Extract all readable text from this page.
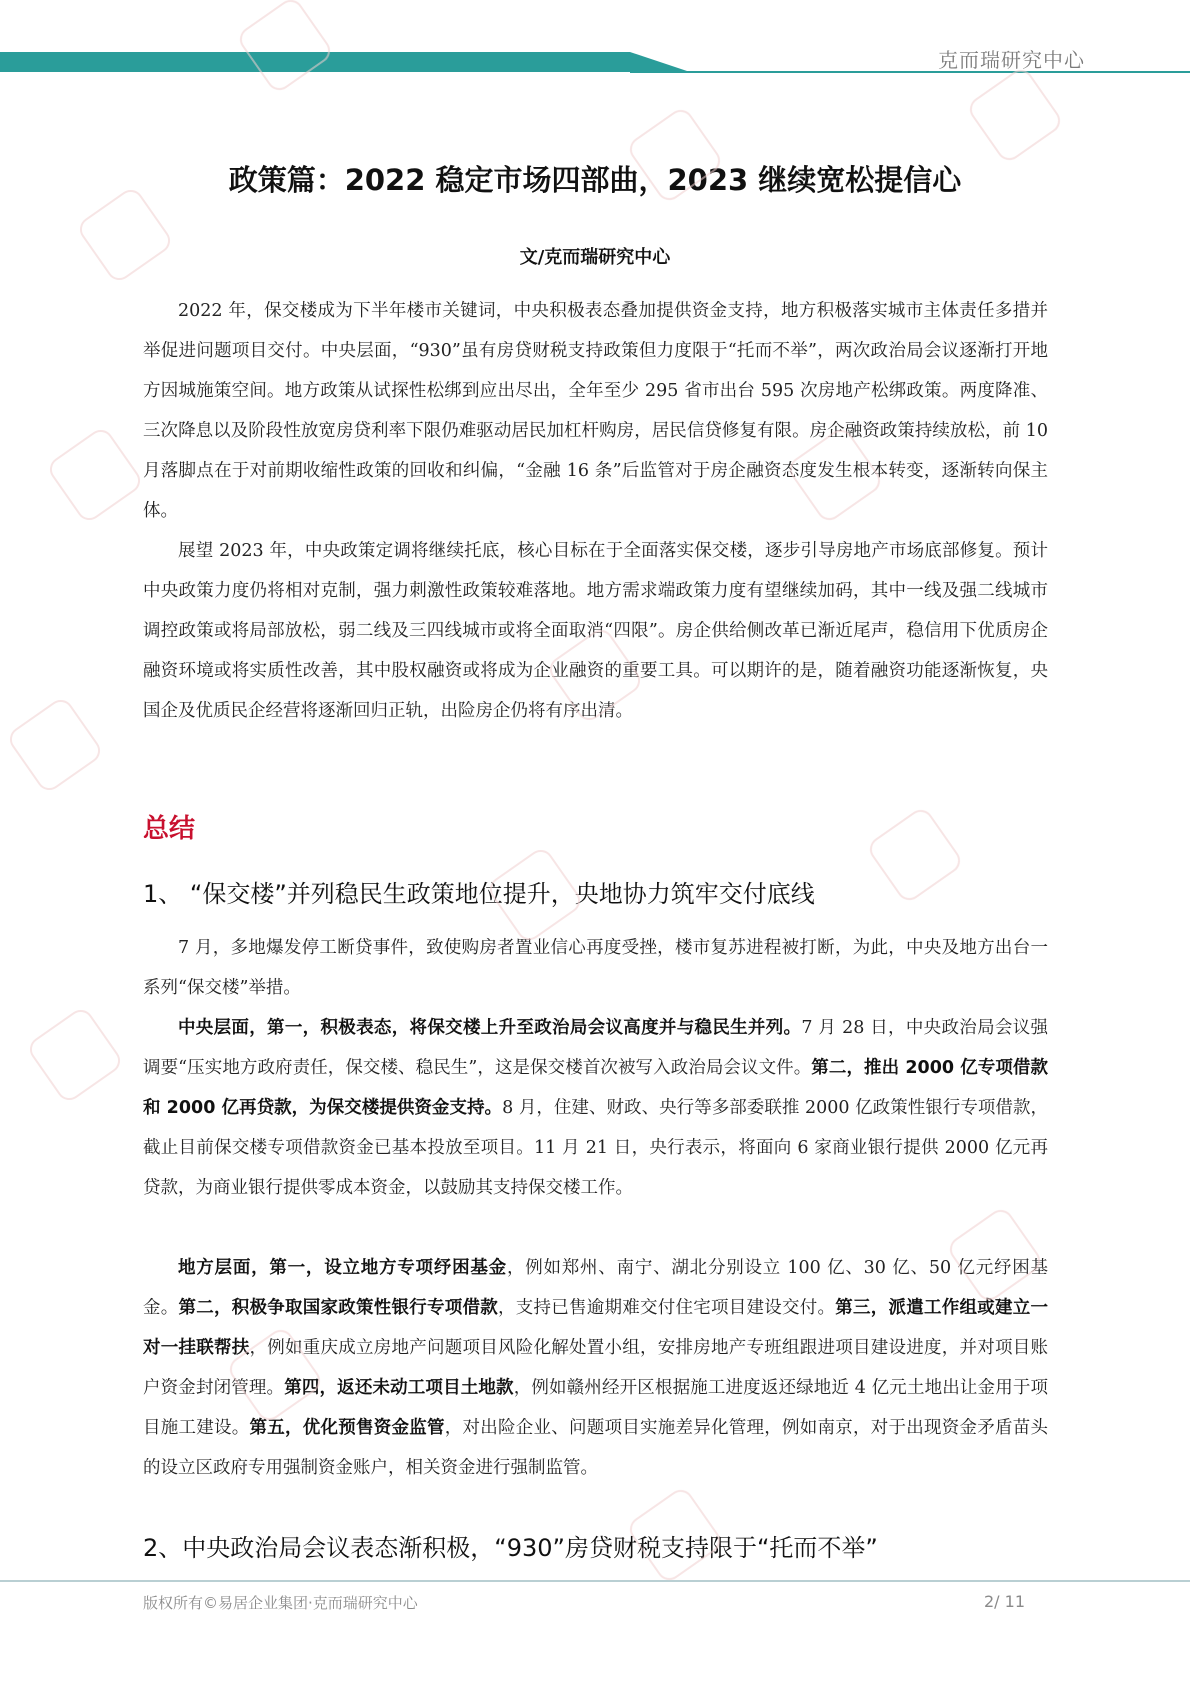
克而瑞研究中心
政策篇：2022 稳定市场四部曲，2023 继续宽松提信心
文/克而瑞研究中心

2022 年，保交楼成为下半年楼市关键词，中央积极表态叠加提供资金支持，地方积极落实城市主体责任多措并举促进问题项目交付。中央层面，“930”虽有房贷财税支持政策但力度限于“托而不举”，两次政治局会议逐渐打开地方因城施策空间。地方政策从试探性松绑到应出尽出，全年至少 295 省市出台 595 次房地产松绑政策。两度降准、三次降息以及阶段性放宽房贷利率下限仍难驱动居民加杠杆购房，居民信贷修复有限。房企融资政策持续放松，前 10 月落脚点在于对前期收缩性政策的回收和纠偏，“金融 16 条”后监管对于房企融资态度发生根本转变，逐渐转向保主体。

展望 2023 年，中央政策定调将继续托底，核心目标在于全面落实保交楼，逐步引导房地产市场底部修复。预计中央政策力度仍将相对克制，强力刺激性政策较难落地。地方需求端政策力度有望继续加码，其中一线及强二线城市调控政策或将局部放松，弱二线及三四线城市或将全面取消“四限”。房企供给侧改革已渐近尾声，稳信用下优质房企融资环境或将实质性改善，其中股权融资或将成为企业融资的重要工具。可以期许的是，随着融资功能逐渐恢复，央国企及优质民企经营将逐渐回归正轨，出险房企仍将有序出清。

总结
1、 “保交楼”并列稳民生政策地位提升，央地协力筑牢交付底线

7 月，多地爆发停工断贷事件，致使购房者置业信心再度受挫，楼市复苏进程被打断，为此，中央及地方出台一系列“保交楼”举措。

中央层面，第一，积极表态，将保交楼上升至政治局会议高度并与稳民生并列。7 月 28 日，中央政治局会议强调要“压实地方政府责任，保交楼、稳民生”，这是保交楼首次被写入政治局会议文件。第二，推出 2000 亿专项借款和 2000 亿再贷款，为保交楼提供资金支持。8 月，住建、财政、央行等多部委联推 2000 亿政策性银行专项借款，截止目前保交楼专项借款资金已基本投放至项目。11 月 21 日，央行表示，将面向 6 家商业银行提供 2000 亿元再贷款，为商业银行提供零成本资金，以鼓励其支持保交楼工作。

地方层面，第一，设立地方专项纾困基金，例如郑州、南宁、湖北分别设立 100 亿、30 亿、50 亿元纾困基金。第二，积极争取国家政策性银行专项借款，支持已售逾期难交付住宅项目建设交付。第三，派遣工作组或建立一对一挂联帮扶，例如重庆成立房地产问题项目风险化解处置小组，安排房地产专班组跟进项目建设进度，并对项目账户资金封闭管理。第四，返还未动工项目土地款，例如赣州经开区根据施工进度返还绿地近 4 亿元土地出让金用于项目施工建设。第五，优化预售资金监管，对出险企业、问题项目实施差异化管理，例如南京，对于出现资金矛盾苗头的设立区政府专用强制资金账户，相关资金进行强制监管。

2、中央政治局会议表态渐积极，“930”房贷财税支持限于“托而不举”
版权所有©易居企业集团·克而瑞研究中心	2/ 11
